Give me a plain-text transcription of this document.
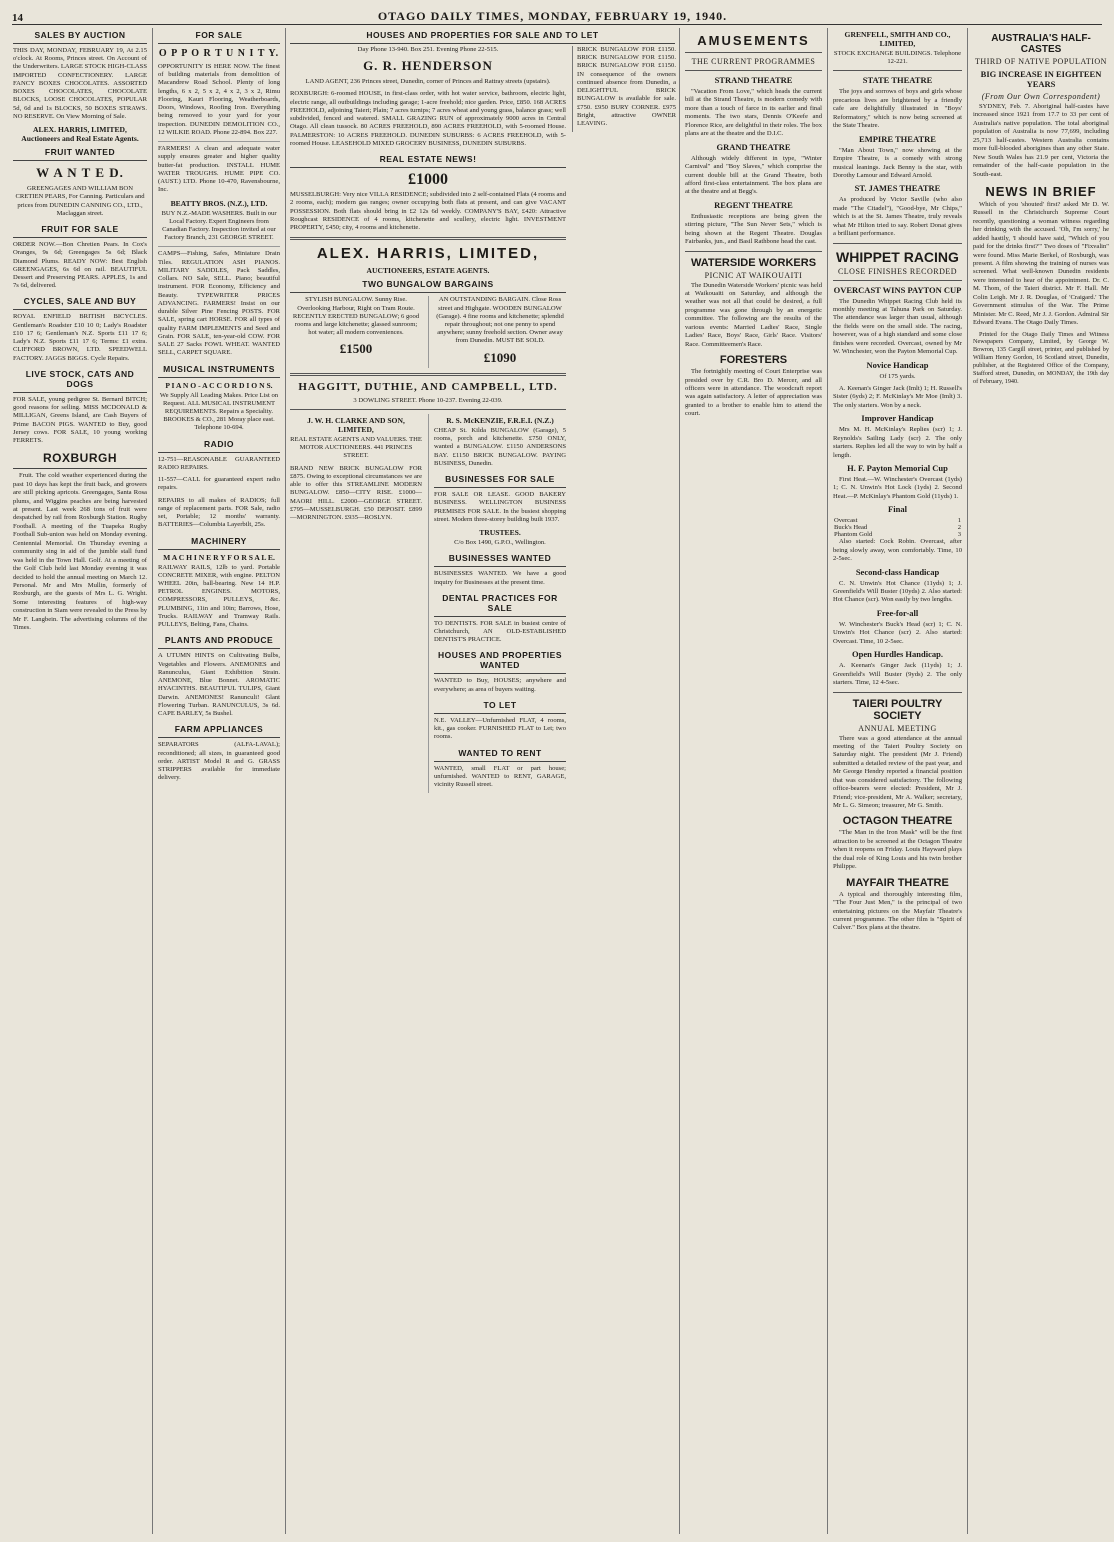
14	OTAGO DAILY TIMES, MONDAY, FEBRUARY 19, 1940.
SALES BY AUCTION

THIS DAY, MONDAY, FEBRUARY 19, At 2.15 o'clock. At Rooms, Princes street. On Account of the Underwriters. LARGE STOCK HIGH-CLASS IMPORTED CONFECTIONERY. LARGE FANCY BOXES CHOCOLATES. ASSORTED BOXES CHOCOLATES, CHOCOLATE BLOCKS, LOOSE CHOCOLATES, POPULAR 5d, 6d and 1s BLOCKS, 50 BOXES STRAWS. NO RESERVE. On View Morning of Sale.

ALEX. HARRIS, LIMITED, Auctioneers and Real Estate Agents.

FRUIT WANTED
W A N T E D.

GREENGAGES AND WILLIAM BON CRETIEN PEARS, For Canning. Particulars and prices from DUNEDIN CANNING CO., LTD., Maclaggan street.

FRUIT FOR SALE

ORDER NOW.—Bon Chretien Pears. In Cox's Oranges, 9s 6d; Greengages 5s 6d; Black Diamond Plums. READY NOW: Best English GREENGAGES, 6s 6d on rail. BEAUTIFUL Dessert and Preserving PEARS. APPLES, 1s and 7s 6d, delivered.

CYCLES, SALE AND BUY

ROYAL ENFIELD BRITISH BICYCLES. Gentleman's Roadster £10 10 0; Lady's Roadster £10 17 6; Gentleman's N.Z. Sports £11 17 6; Lady's N.Z. Sports £11 17 6; Terms: £1 extra. CLIFFORD BROWN, LTD. SPEEDWELL FACTORY. JAGGS BIGGS. Cycle Repairs.

LIVE STOCK, CATS AND DOGS

FOR SALE, young pedigree St. Bernard BITCH; good reasons for selling. MISS MCDONALD & MILLIGAN, Greens Island, are Cash Buyers of Prime BACON PIGS. WANTED to Buy, good Jersey cows. FOR SALE, 10 young working FERRETS.

ROXBURGH

Fruit. The cold weather experienced during the past 10 days has kept the fruit back, and growers are still picking apricots. Greengages, Santa Rosa plums, and Wiggins peaches are being harvested at present. Last week 268 tons of fruit were despatched by rail from Roxburgh Station. Rugby Football. A meeting of the Tuapeka Rugby Football Sub-union was held on Monday evening. Centennial Memorial. On Thursday evening a community sing in aid of the jumble stall fund was held in the Town Hall. Golf. At a meeting of the Golf Club held last Monday evening it was decided to hold the annual meeting on March 12. Personal. Mr and Mrs Mullin, formerly of Roxburgh, are the guests of Mrs L. G. Wright. Some interesting features of high-way construction in Siam were revealed to the Press by Mr F. Langbein. The advertising columns of the Times.

FOR SALE
O P P O R T U N I T Y.

OPPORTUNITY IS HERE NOW. The finest of building materials from demolition of Macandrew Road School. Plenty of long lengths, 6 x 2, 5 x 2, 4 x 2, 3 x 2, Rimu Flooring, Kauri Flooring, Weatherboards, Doors, Windows, Roofing Iron. Everything being removed to your yard for your inspection. DUNEDIN DEMOLITION CO., 12 WILKIE ROAD. Phone 22-894. Box 227.

FARMERS! A clean and adequate water supply ensures greater and higher quality butter-fat production. INSTALL HUME WATER TROUGHS. HUME PIPE CO. (AUST.) LTD. Phone 10-470, Ravensbourne, Inc.

BEATTY BROS. (N.Z.), LTD.

BUY N.Z.-MADE WASHERS. Built in our Local Factory. Expert Engineers from Canadian Factory. Inspection invited at our Factory Branch, 231 GEORGE STREET.

CAMPS—Fishing, Safes, Miniature Drain Tiles. REGULATION ASH PIANOS. MILITARY SADDLES, Pack Saddles, Collars. NO Sale, SELL. Piano; beautiful instrument. FOR Economy, Efficiency and Beauty. TYPEWRITER PRICES ADVANCING. FARMERS! Insist on our durable Silver Pine Fencing POSTS. FOR SALE, spring cart HORSE. FOR all types of quality FARM IMPLEMENTS and Seed and Grain. FOR SALE, ten-year-old COW. FOR SALE 27 Sacks FOWL WHEAT. WANTED SELL, CARPET SQUARE.

MUSICAL INSTRUMENTS
P I A N O - A C C O R D I O N S.

We Supply All Leading Makes. Price List on Request. ALL MUSICAL INSTRUMENT REQUIREMENTS. Repairs a Speciality. BROOKES & CO., 281 Moray place east. Telephone 10-694.

RADIO

12-751—REASONABLE GUARANTEED RADIO REPAIRS.

11-557—CALL for guaranteed expert radio repairs.

REPAIRS to all makes of RADIOS; full range of replacement parts. FOR Sale, radio set, Portable; 12 months' warranty. BATTERIES—Columbia Layerbilt, 25s.

MACHINERY
M A C H I N E R Y F O R S A L E.

RAILWAY RAILS, 12lb to yard. Portable CONCRETE MIXER, with engine. PELTON WHEEL 20in, ball-bearing. New 14 H.P. PETROL ENGINES. MOTORS, COMPRESSORS, PULLEYS, &c. PLUMBING, 11in and 10in; Barrows, Hose, Trucks. RAILWAY and Tramway Rails. PULLEYS, Belting, Fans, Chains.

PLANTS AND PRODUCE

A UTUMN HINTS on Cultivating Bulbs, Vegetables and Flowers. ANEMONES and Ranunculus, Giant Exhibition Strain. ANEMONE, Blue Bonnet. AROMATIC HYACINTHS. BEAUTIFUL TULIPS, Giant Darwin. ANEMONES! Ranunculi! Glant Flowering Turban. RANUNCULUS, 3s 6d. CAPE BARLEY, 5s Bushel.

FARM APPLIANCES

SEPARATORS (ALFA-LAVAL); reconditioned; all sizes, in guaranteed good order. ARTIST Model R and G. GRASS STRIPPERS available for immediate delivery.

HOUSES AND PROPERTIES FOR SALE AND TO LET

Day Phone 13-940. Box 251. Evening Phone 22-515.

G. R. HENDERSON

LAND AGENT, 236 Princes street, Dunedin, corner of Princes and Rattray streets (upstairs).

ROXBURGH: 6-roomed HOUSE, in first-class order, with hot water service, bathroom, electric light, electric range, all outbuildings including garage; 1-acre freehold; nice garden. Price, £850. 168 ACRES FREEHOLD, adjoining Taieri; Plain; 7 acres turnips; 7 acres wheat and young grass, balance grass; well subdivided, fenced and watered. SMALL GRAZING RUN of approximately 9000 acres in Central Otago. All clean tussock. 80 ACRES FREEHOLD, 890 ACRES FREEHOLD, with 5-roomed House. PALMERSTON: 10 ACRES FREEHOLD. DUNEDIN SUBURBS: 6 ACRES FREEHOLD, with 5-roomed House. LEASEHOLD MIXED GROCERY BUSINESS, DUNEDIN SUBURBS.

REAL ESTATE NEWS!
£1000

MUSSELBURGH: Very nice VILLA RESIDENCE; subdivided into 2 self-contained Flats (4 rooms and 2 rooms, each); modern gas ranges; owner occupying both flats at present, and can give VACANT POSSESSION. Both flats should bring in £2 12s 6d weekly. COMPANY'S BAY, £420: Attractive Roughcast RESIDENCE of 4 rooms, kitchenette and scullery, electric light. INVESTMENT PROPERTY, £450; city, 4 rooms and kitchenette.

ALEX. HARRIS, LIMITED,
AUCTIONEERS, ESTATE AGENTS.
TWO BUNGALOW BARGAINS

STYLISH BUNGALOW. Sunny Rise. Overlooking Harbour, Right on Tram Route. RECENTLY ERECTED BUNGALOW; 6 good rooms and large kitchenette; glassed sunroom; hot water; all modern conveniences.

£1500

AN OUTSTANDING BARGAIN. Close Ross street and Highgate. WOODEN BUNGALOW (Garage). 4 fine rooms and kitchenette; splendid repair throughout; not one penny to spend anywhere; sunny freehold section. Owner away from Dunedin. MUST BE SOLD.

£1090
HAGGITT, DUTHIE, AND CAMPBELL, LTD.

3 DOWLING STREET. Phone 10-237. Evening 22-039.

J. W. H. CLARKE AND SON, LIMITED,

REAL ESTATE AGENTS AND VALUERS. THE MOTOR AUCTIONEERS. 441 PRINCES STREET.

BRAND NEW BRICK BUNGALOW FOR £875. Owing to exceptional circumstances we are able to offer this STREAMLINE MODERN BUNGALOW. £850—CITY RISE. £1000—MAORI HILL. £2000—GEORGE STREET. £795—MUSSELBURGH. £50 DEPOSIT. £899—MORNINGTON. £935—ROSLYN.

R. S. McKENZIE, F.R.E.I. (N.Z.)

CHEAP St. Kilda BUNGALOW (Garage), 5 rooms, porch and kitchenette. £750 ONLY, wanted a BUNGALOW. £1150 ANDERSONS BAY. £1150 BRICK BUNGALOW. PAYING BUSINESS, Dunedin.

BUSINESSES FOR SALE

FOR SALE OR LEASE. GOOD BAKERY BUSINESS. WELLINGTON BUSINESS PREMISES FOR SALE. In the busiest shopping street. Modern three-storey building built 1937.

TRUSTEES.

C/o Box 1490, G.P.O., Wellington.

BUSINESSES WANTED

BUSINESSES WANTED. We have a good inquiry for Businesses at the present time.

DENTAL PRACTICES FOR SALE

TO DENTISTS. FOR SALE in busiest centre of Christchurch, AN OLD-ESTABLISHED DENTIST'S PRACTICE.

HOUSES AND PROPERTIES WANTED

WANTED to Buy, HOUSES; anywhere and everywhere; as area of buyers waiting.

TO LET

N.E. VALLEY—Unfurnished FLAT, 4 rooms, kit., gas cooker. FURNISHED FLAT to Let; two rooms.

WANTED TO RENT

WANTED, small FLAT or part house; unfurnished. WANTED to RENT, GARAGE, vicinity Russell street.

BRICK BUNGALOW FOR £1150. BRICK BUNGALOW FOR £1150. BRICK BUNGALOW FOR £1150. IN consequence of the owners continued absence from Dunedin, a DELIGHTFUL BRICK BUNGALOW is available for sale. £750. £950 BURY CORNER. £975 Bright, attractive OWNER LEAVING.

AMUSEMENTS
THE CURRENT PROGRAMMES
STRAND THEATRE

"Vacation From Love," which heads the current bill at the Strand Theatre, is modern comedy with more than a touch of farce in its earlier and final moments. The two stars, Dennis O'Keefe and Florence Rice, are delightful in their roles. The box plans are at the theatre and the D.I.C.

GRAND THEATRE

Although widely different in type, "Winter Carnival" and "Boy Slaves," which comprise the current double bill at the Grand Theatre, both afford first-class entertainment. The box plans are at the theatre and at Begg's.

REGENT THEATRE

Enthusiastic receptions are being given the stirring picture, "The Sun Never Sets," which is being shown at the Regent Theatre. Douglas Fairbanks, jun., and Basil Rathbone head the cast.

WATERSIDE WORKERS
PICNIC AT WAIKOUAITI

The Dunedin Waterside Workers' picnic was held at Waikouaiti on Saturday, and although the weather was not all that could be desired, a full programme was gone through by an energetic committee. The following are the results of the various events: Married Ladies' Race, Single Ladies' Race, Boys' Race, Girls' Race. Visitors' Race. Committeemen's Race.

FORESTERS

The fortnightly meeting of Court Enterprise was presided over by C.R. Bro D. Mercer, and all officers were in attendance. The woodcraft report was again satisfactory. A letter of appreciation was granted to a brother to enable him to attend the court.

GRENFELL, SMITH AND CO., LIMITED,

STOCK EXCHANGE BUILDINGS. Telephone 12-221.

STATE THEATRE

The joys and sorrows of boys and girls whose precarious lives are brightened by a friendly cafe are delightfully illustrated in "Boys' Reformatory," which is now being screened at the State Theatre.

EMPIRE THEATRE

"Man About Town," now showing at the Empire Theatre, is a comedy with strong musical leanings. Jack Benny is the star, with Dorothy Lamour and Edward Arnold.

ST. JAMES THEATRE

As produced by Victor Saville (who also made "The Citadel"), "Good-bye, Mr Chips," which is at the St. James Theatre, truly reveals what Mr Hilton tried to say. Robert Donat gives a brilliant performance.

WHIPPET RACING
CLOSE FINISHES RECORDED
OVERCAST WINS PAYTON CUP

The Dunedin Whippet Racing Club held its monthly meeting at Tahuna Park on Saturday. The attendance was larger than usual, although the fields were on the small side. The racing, however, was of a high standard and some close finishes were recorded. Overcast, owned by Mr W. Winchester, won the Payton Memorial Cup.

Novice Handicap
Of 175 yards.

A. Keenan's Ginger Jack (Imlt) 1; H. Russell's Sister (6yds) 2; F. McKinlay's Mr Moe (Imlt) 3. The only starters. Won by a neck.

Improver Handicap

Mrs M. H. McKinlay's Replies (scr) 1; J. Reynolds's Sailing Lady (scr) 2. The only starters. Replies led all the way to win by half a length.

H. F. Payton Memorial Cup

First Heat.—W. Winchester's Overcast (1yds) 1; C. N. Unwin's Hot Lock (1yds) 2. Second Heat.—P. McKinlay's Phantom Gold (11yds) 1.

Final
Overcast	1
Buck's Head	2
Phantom Gold	3

Also started: Cock Robin. Overcast, after being slowly away, won comfortably. Time, 10 2-5sec.

Second-class Handicap

C. N. Unwin's Hot Chance (11yds) 1; J. Greenfield's Will Buster (10yds) 2. Also started: Hot Chance (scr). Won easily by two lengths.

Free-for-all

W. Winchester's Buck's Head (scr) 1; C. N. Unwin's Hot Chance (scr) 2. Also started: Overcast. Time, 10 2-5sec.

Open Hurdles Handicap.

A. Keenan's Ginger Jack (11yds) 1; J. Greenfield's Will Buster (9yds) 2. The only starters. Time, 12 4-5sec.

TAIERI POULTRY SOCIETY
ANNUAL MEETING

There was a good attendance at the annual meeting of the Taieri Poultry Society on Saturday night. The president (Mr J. Friend) submitted a detailed review of the past year, and Mr George Hendry reported a financial position that was considered satisfactory. The following office-bearers were elected: President, Mr J. Friend; vice-president, Mr A. Walker; secretary, Mr L. G. Simeon; treasurer, Mr G. Smith.

OCTAGON THEATRE

"The Man in the Iron Mask" will be the first attraction to be screened at the Octagon Theatre when it reopens on Friday. Louis Hayward plays the dual role of King Louis and his twin brother Philippe.

MAYFAIR THEATRE

A typical and thoroughly interesting film, "The Four Just Men," is the principal of two entertaining pictures on the Mayfair Theatre's current programme. The other film is "Spirit of Culver." Box plans at the theatre.

AUSTRALIA'S HALF-CASTES
THIRD OF NATIVE POPULATION
BIG INCREASE IN EIGHTEEN YEARS
(From Our Own Correspondent)

SYDNEY, Feb. 7. Aboriginal half-castes have increased since 1921 from 17.7 to 33 per cent of Australia's native population. The total aboriginal population of Australia is now 77,699, including 25,713 half-castes. Western Australia contains more full-blooded aborigines than any other State. New South Wales has 21.9 per cent, Victoria the remainder of the half-caste population in the South-east.

NEWS IN BRIEF

Which of you 'shouted' first? asked Mr D. W. Russell in the Christchurch Supreme Court recently, questioning a woman witness regarding her drinking with the accused. 'Oh, I'm sorry,' he added hastily, 'I should have said, "Which of you paid for the drinks first?"' Two doses of "Fixvalin" were found. Miss Marie Berkel, of Roxburgh, was present. A film showing the training of nurses was screened. What well-known Dunedin residents were interested to hear of the appointment. Dr. C. M. Thom, of the Taieri district. Mr F. Hall. Mr Colin Leigh. Mr J. R. Douglas, of 'Craigard.' The Government stimulus of the War. The Prime Minister. Mr C. Reed, Mr J. J. Gordon. Admiral Sir Edward Evans. The Otago Daily Times.

Printed for the Otago Daily Times and Witness Newspapers Company, Limited, by George W. Bowron, 135 Cargill street, printer, and published by William Henry Gordon, 16 Scotland street, Dunedin, publisher, at the Registered Office of the Company, Stafford street, Dunedin, on MONDAY, the 19th day of February, 1940.
